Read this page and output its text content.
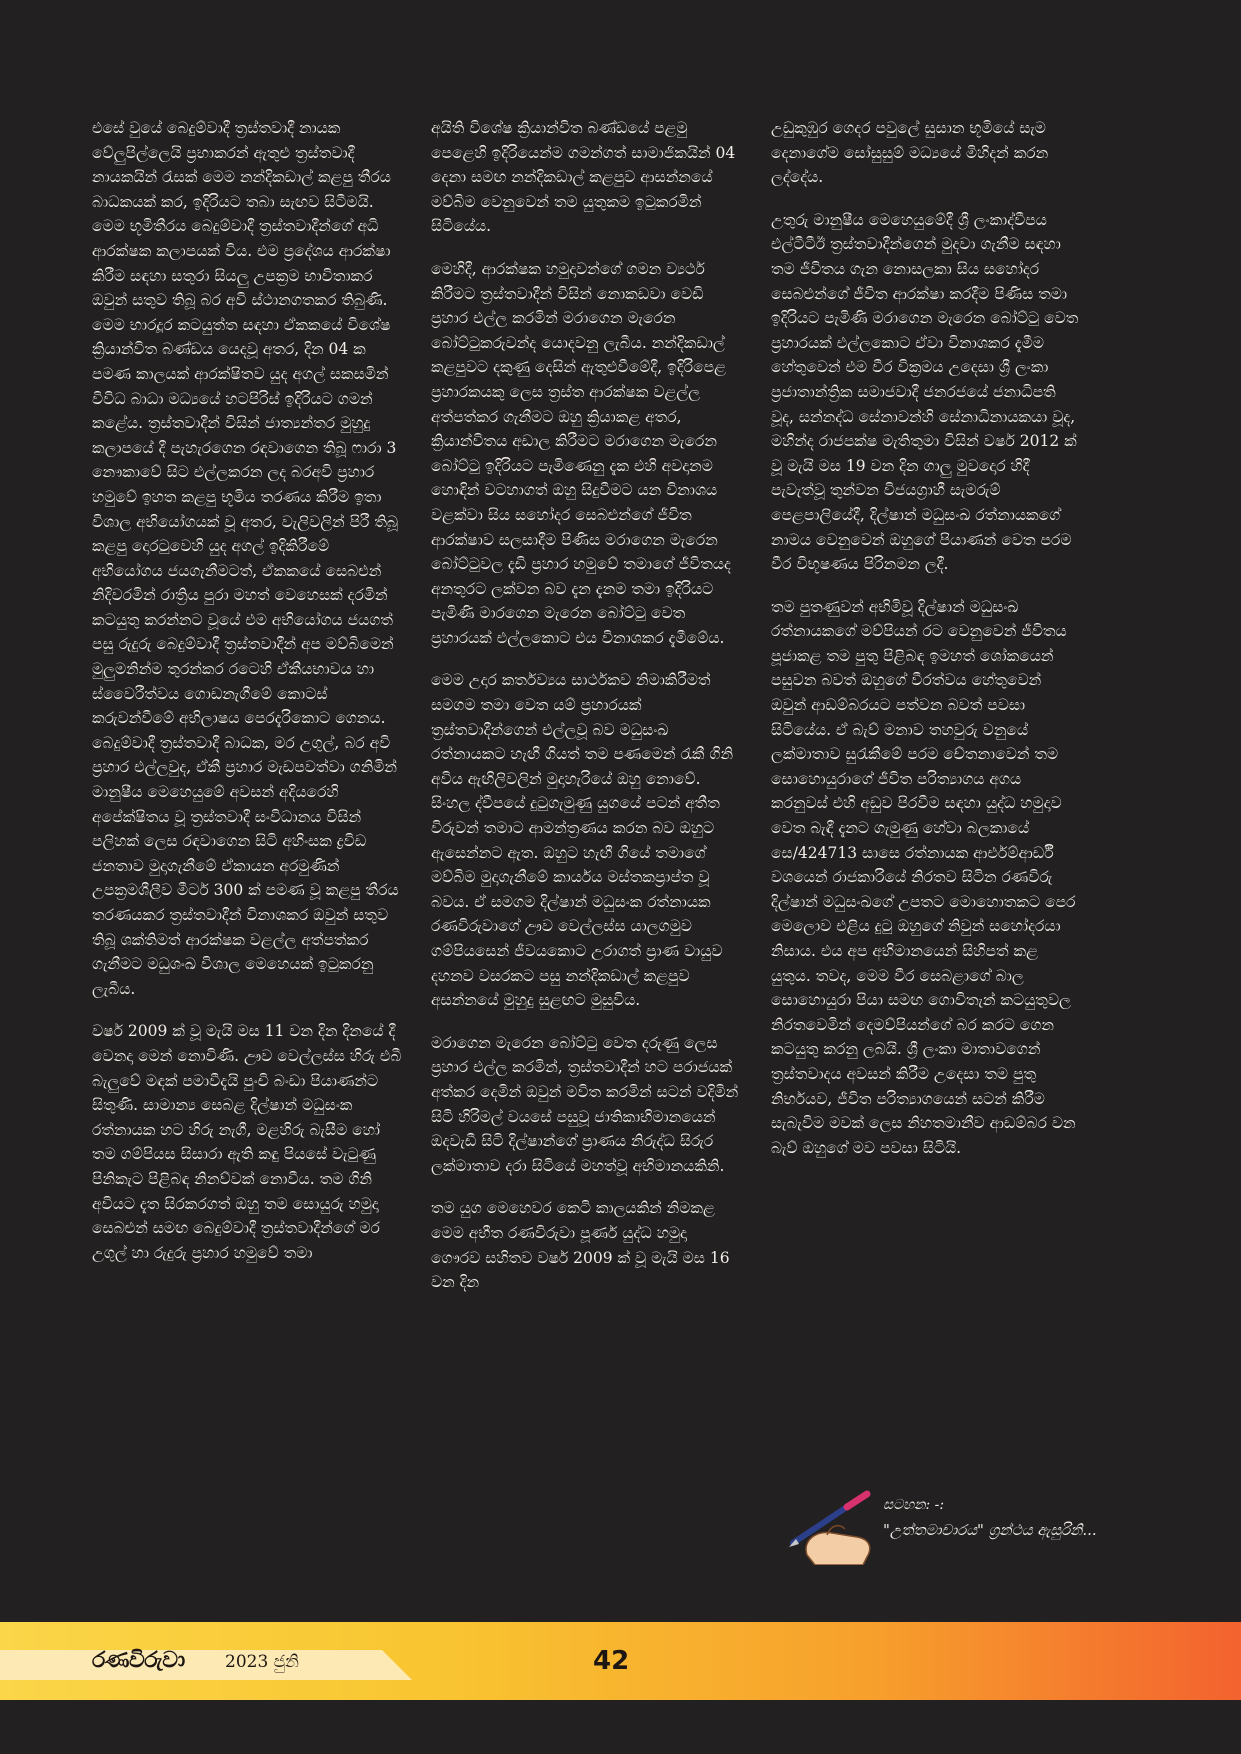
එසේ වුයේ බෙදුම්වාදී ත්‍රස්තවාදී නායක වේලුපිල්ලෙයි ප්‍රභාකරන් ඇතුළු ත්‍රස්තවාදී නායකයින් රැසක් මෙම නන්දිකඩාල් කළපු තීරය බාධකයක් කර, ඉදිරියට තබා සැඟව සිටීමයි. මෙම භූමිතීරය බෙදුම්වාදී ත්‍රස්තවාදීන්ගේ අධි ආරක්ෂක කලාපයක් විය. එම ප්‍රදේශය ආරක්ෂා කිරීම සඳහා සතුරා සියලු උපක්‍රම භාවිතාකර ඔවුන් සතුව තිබූ බර අවි ස්ථානගතකර තිබුණි. මෙම භාරදූර කටයුත්ත සඳහා ඒකකයේ විශේෂ ක්‍රියාන්විත බණ්ඩය යෙදවූ අතර, දින 04 ක පමණ කාලයක් ආරක්ෂිතව යුද අගල් සකසමින් විවිධ බාධා මධ්‍යයේ හටපිරිස් ඉදිරියට ගමන් කළේය. ත්‍රස්තවාදීන් විසින් ජාත්‍යන්තර මුහුදු කලාපයේ දී පැහැරගෙන රඳවාගෙන තිබූ ෆාරා 3 නෞකාවේ සිට එල්ලකරන ලද බරඅවි ප්‍රහාර හමුවේ ඉහත කළපු භූමිය තරණය කිරීම ඉතා විශාල අභියෝගයක් වූ අතර, වැලිවලින් පිරී තිබූ කළපු දොරටුවෙහි යුද අගල් ඉදිකිරීමේ අභියෝගය ජයගැනීමටත්, ඒකකයේ සෙබළුන් නිදිවරමින් රාත්‍රිය පුරා මහත් වෙහෙසක් දරමින් කටයුතු කරන්නට වූයේ එම අභියෝගය ජයගත් පසු රුදුරු බෙදුම්වාදී ත්‍රස්තවාදීන් අප මව්බිමෙන් මුලුමනින්ම තුරන්කර රටෙහි ඒකීයභාවය හා ස්වෛරීත්වය ගොඩනැගීමේ කොටස් කරුවන්වීමේ අභිලාෂය පෙරදැරිකොට ගෙනය. බෙදුම්වාදී ත්‍රස්තවාදී බාධක, මර උගුල්, බර අවි ප්‍රහාර එල්ලවුද, ඒකී ප්‍රහාර මැඩපවත්වා ගනිමින් මානුෂීය මෙහෙයුමේ අවසන් අදියරෙහි අපේක්ෂිතය වූ ත්‍රස්තවාදී සංවිධානය විසින් පලිහක් ලෙස රඳවාගෙන සිටි අහිංසක ද්‍රවිඩ ජනතාව මුදාගැනීමේ ඒකායන අරමුණින් උපක්‍රමශීලීව මීටර් 300 ක් පමණ වූ කළපු තීරය තරණයකර ත්‍රස්තවාදීන් විනාශකර ඔවුන් සතුව තිබූ ශක්තිමත් ආරක්ෂක වළල්ල අත්පත්කර ගැනීමට මධුශංඛ විශාල මෙහෙයක් ඉටුකරනු ලැබීය.

වර්ෂ 2009 ක් වූ මැයි මස 11 වන දින දිනයේ දී වෙනදා මෙන් නොවිණි. ඌව වෙල්ලස්ස හිරු එබී බැලුවේ මඳක් පමාවීදැයි පුංචි බංඩා පියාණන්ට සිතුණි. සාමාන්‍ය සෙබළ දිල්ෂාන් මධුසංක රත්නායක හට හිරු නැගී, මළහිරු බැසීම හෝ තම ගම්පියස සිසාරා ඇති කඳු පියසේ වැටුණු පිනිකැට පිළිබඳ නිනව්වක් නොවීය. තම ගිනි අවියට දැත සිරකරගත් ඔහු තම සොයුරු හමුදා සෙබළුන් සමඟ බෙදුම්වාදී ත්‍රස්තවාදීන්ගේ මර උගුල් හා රුදුරු ප්‍රහාර හමුවේ තමා

අයිති විශේෂ ක්‍රියාන්විත බණ්ඩයේ පළමු පෙළෙහි ඉදිරියෙන්ම ගමන්ගත් සාමාජිකයින් 04 දෙනා සමඟ නන්දිකඩාල් කළපුව ආසන්නයේ මව්බිම වෙනුවෙන් තම යුතුකම ඉටුකරමින් සිටියේය.

මෙහිදී, ආරක්ෂක හමුදාවන්ගේ ගමන ව්‍යර්ථ කිරීමට ත්‍රස්තවාදීන් විසින් නොකඩවා වෙඩි ප්‍රහාර එල්ල කරමින් මරාගෙන මැරෙන බෝට්ටුකරුවන්ද යොදවනු ලැබීය. නන්දිකඩාල් කළපුවට දකුණු දෙසින් ඇතුළුවීමේදී, ඉදිරිපෙළ ප්‍රහාරකයකු ලෙස ත්‍රස්ත ආරක්ෂක වළල්ල අත්පත්කර ගැනීමට ඔහු ක්‍රියාකළ අතර, ක්‍රියාන්විතය අඩාල කිරීමට මරාගෙන මැරෙන බෝට්ටු ඉදිරියට පැමිණෙනු දැක එහි අවදානම හොඳින් වටහාගත් ඔහු සිදුවීමට යන විනාශය වළක්වා සිය සහෝදර සෙබළුන්ගේ ජීවිත ආරක්ෂාව සලසාදීම පිණිස මරාගෙන මැරෙන බෝට්ටුවල දැඩි ප්‍රහාර හමුවේ තමාගේ ජීවිතයද අනතුරට ලක්වන බව දැන දැනම තමා ඉදිරියට පැමිණි මාරගෙන මැරෙන බෝට්ටු වෙත ප්‍රහාරයක් එල්ලකොට එය විනාශකර දැමීමේය.

මෙම උදාර කර්තව්‍යය සාර්ථකව නිමාකිරීමත් සමගම තමා වෙත යම් ප්‍රහාරයක් ත්‍රස්තවාදීන්ගෙන් එල්ලවූ බව මධුසංඛ රත්නායකට හැඟී ගියත් තම පණමෙන් රැකී ගිනි අවිය ඇඟිලිවලින් මුදාහැරියේ ඔහු නොවේ. සිංහල ද්වීපයේ දුටුගැමුණු යුගයේ පටන් අතීත විරුවන් තමාට ආමන්ත්‍රණය කරන බව ඔහුට ඇසෙන්නට ඇත. ඔහුට හැඟී ගියේ තමාගේ මව්බිම මුදාගැනීමේ කාර්යය මස්තකප්‍රාප්ත වූ බවය. ඒ සමගම දිල්ෂාන් මධුසංක රත්නායක රණවිරුවාගේ ඌව වෙල්ලස්ස යාලගමුව ගම්පියසෙන් ජීවයකොට උරාගත් ප්‍රාණ වායුව දහනව වසරකට පසු නන්දිකඩාල් කළපුව අසන්නයේ මුහුදු සුළඟට මුසුවිය.

මරාගෙන මැරෙන බෝට්ටු වෙත දරුණු ලෙස ප්‍රහාර එල්ල කරමින්, ත්‍රස්තවාදීන් හට පරාජයක් අත්කර දෙමින් ඔවුන් මවිත කරමින් සටන් වදිමින් සිටි හිරිමල් වයසේ පසුවූ ජාතිකාභිමානයෙන් ඔදවැඩී සිටි දිල්ෂාන්ගේ ප්‍රාණය නිරුද්ධ සිරුර ලක්මාතාව දරා සිටියේ මහත්වූ අභිමානයකිනි.

තම යුග මෙහෙවර කෙටි කාලයකින් නිමකළ මෙම අභීත රණවිරුවා පූර්ණ යුද්ධ හමුදා ගෞරව සහිතව වර්ෂ 2009 ක් වූ මැයි මස 16 වන දින

උඩුකුඹුර ගෙදර පවුලේ සුසාන භූමියේ සැම දෙනාගේම සෝසුසුම් මධ්‍යයේ මිහිදන් කරන ලද්දේය.

උතුරු මානුෂීය මෙහෙයුමේදී ශ්‍රී ලංකාද්වීපය එල්ටීටීඊ ත්‍රස්තවාදීන්ගෙන් මුදවා ගැනීම සඳහා තම ජීවිතය ගැන නොසලකා සිය සහෝදර සෙබළුන්ගේ ජීවිත ආරක්ෂා කරදීම පිණිස තමා ඉදිරියට පැමිණි මරාගෙන මැරෙන බෝට්ටු වෙත ප්‍රහාරයක් එල්ලකොට ඒවා විනාශකර දැමීම හේතුවෙන් එම වීර වික්‍රමය උදෙසා ශ්‍රී ලංකා ප්‍රජාතාන්ත්‍රික සමාජවාදී ජනරජයේ ජනාධිපති වූද, සන්නද්ධ සේනාවන්හි සේනාධිනායකයා වූද, මහින්ද රාජපක්ෂ මැතිතුමා විසින් වර්ෂ 2012 ක් වූ මැයි මස 19 වන දින ගාලු මුවදොර හිදී පැවැත්වූ තුන්වන විජයග්‍රාහී සැමරුම් පෙළපාලියේදී, දිල්ෂාන් මධුසංඛ රත්නායකගේ නාමය වෙනුවෙන් ඔහුගේ පියාණන් වෙත පරම වීර විභූෂණය පිරිනමන ලදී.

තම පුතණුවන් අභිමිවූ දිල්ෂාන් මධුසංඛ රත්නායකගේ මව්පියන් රට වෙනුවෙන් ජීවිතය පූජාකළ තම පුතු පිළිබඳ ඉමහත් ශෝකයෙන් පසුවන බවත් ඔහුගේ වීරත්වය හේතුවෙන් ඔවුන් ආඩම්බරයට පත්වන බවත් පවසා සිටියේය. ඒ බැව් මනාව තහවුරු වනුයේ ලක්මාතාව සුරැකීමේ පරම චේතනාවෙන් තම සොහොයුරාගේ ජීවිත පරිත්‍යාගය අගය කරනුවස් එහි අඩුව පිරවීම සඳහා යුද්ධ හමුදාව වෙත බැඳී දැනට ගැමුණු හේවා බලකායේ සෙ/424713 සාසෙ රත්නායක ආර්එම්ආර්ඩී වශයෙන් රාජකාරියේ නිරතව සිටින රණවිරු දිල්ෂාන් මධුසංඛගේ උපතට මොහොතකට පෙර මෙලොව එළිය දුටු ඔහුගේ නිවුන් සහෝදරයා නිසාය. එය අප අභිමානයෙන් සිහිපත් කළ යුතුය. තවද, මෙම වීර සෙබළාගේ බාල සොහොයුරා පියා සමඟ ගොවිතැන් කටයුතුවල නිරතවෙමින් දෙමව්පියන්ගේ බර කරට ගෙන කටයුතු කරනු ලබයි. ශ්‍රී ලංකා මාතාවගෙන් ත්‍රස්තවාදය අවසන් කිරීම උදෙසා තම පුතු නිර්භයව, ජීවිත පරිත්‍යාගයෙන් සටන් කිරීම සැබැවිම මවක් ලෙස නිහතමානීව ආඩම්බර වන බැව් ඔහුගේ මව පවසා සිටියි.

සටහන: -:
"උත්තමාචාරය" ග්‍රන්ථය ඇසුරිනි...
රණවිරුවා 2023 ජුනි	42
